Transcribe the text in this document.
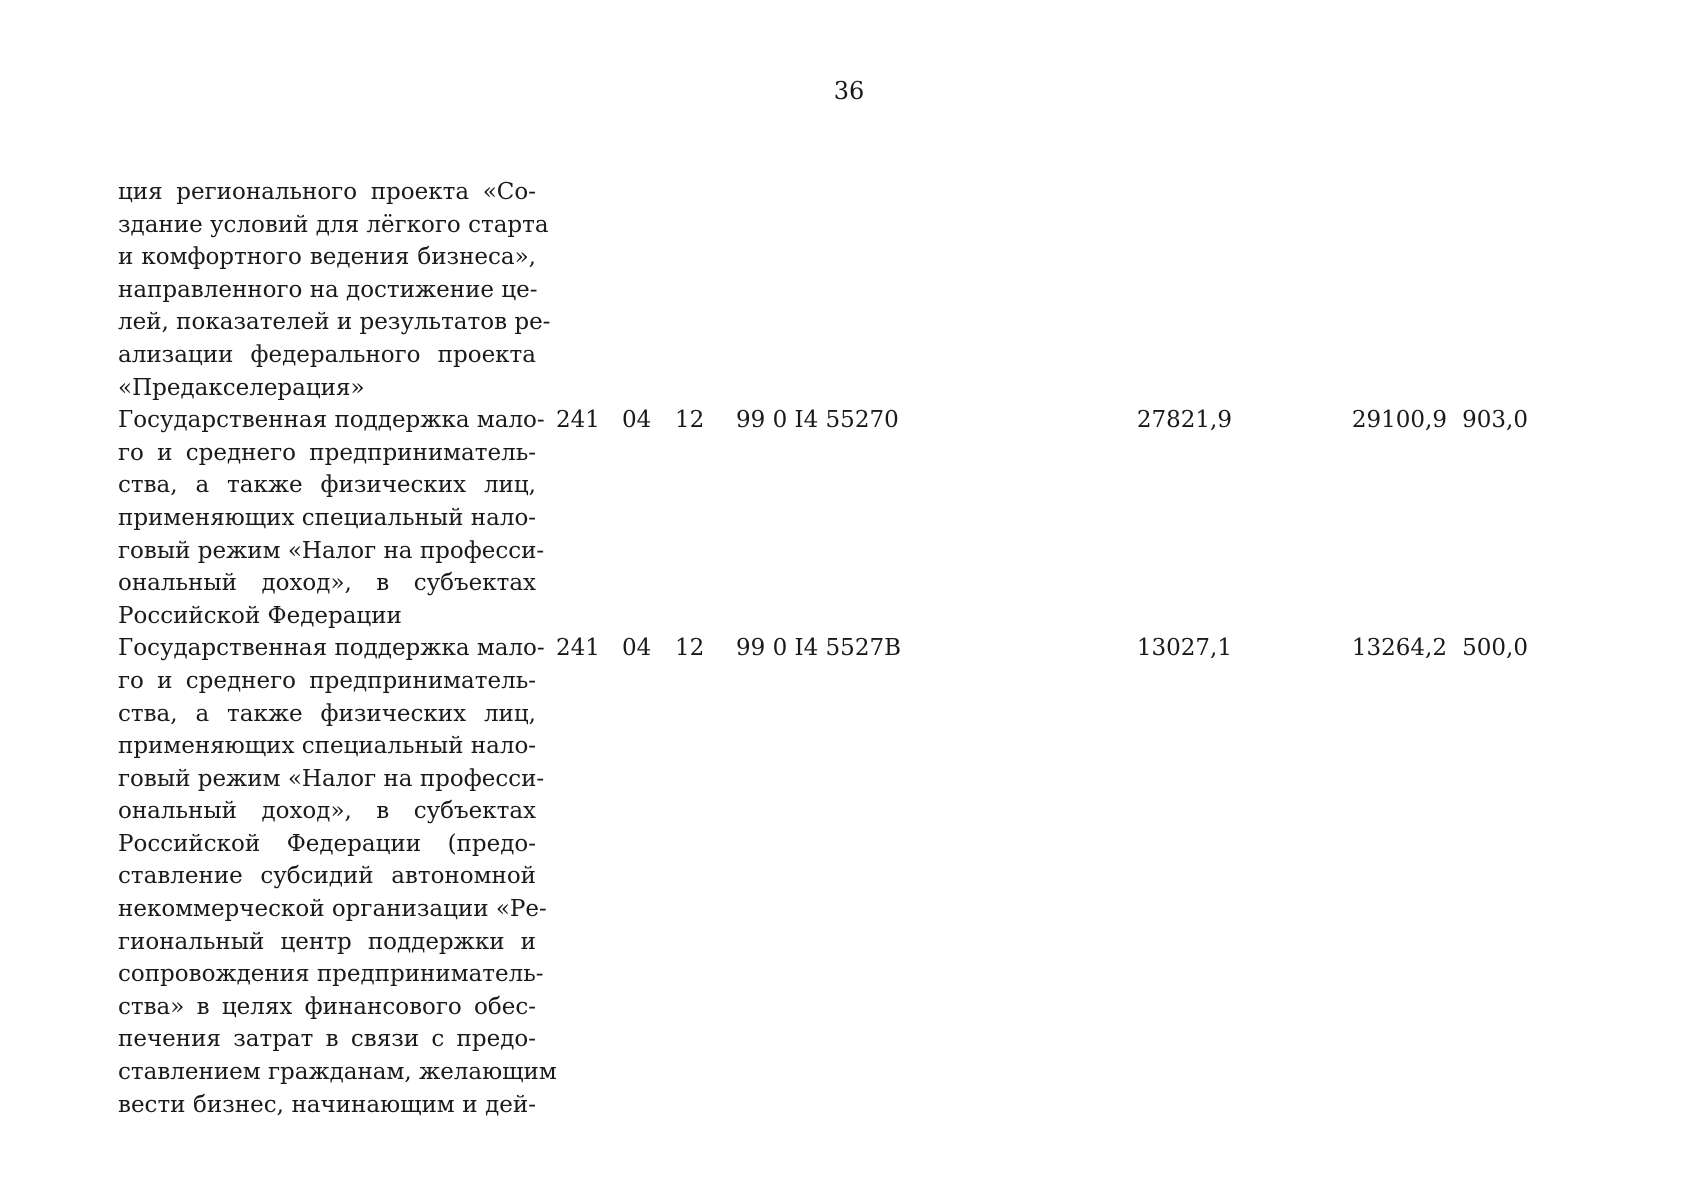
36
ция регионального проекта «Со-
здание условий для лёгкого старта
и комфортного ведения бизнеса»,
направленного на достижение це-
лей, показателей и результатов ре-
ализации федерального проекта
«Предакселерация»
Государственная поддержка мало-
го и среднего предприниматель-
ства, а также физических лиц,
применяющих специальный нало-
говый режим «Налог на професси-
ональный доход», в субъектах
Российской Федерации
241 04 12 99 0 I4 55270	27821,9	29100,9 903,0
Государственная поддержка мало-
го и среднего предприниматель-
ства, а также физических лиц,
применяющих специальный нало-
говый режим «Налог на професси-
ональный доход», в субъектах
Российской Федерации (предо-
ставление субсидий автономной
некоммерческой организации «Ре-
гиональный центр поддержки и
сопровождения предприниматель-
ства» в целях финансового обес-
печения затрат в связи с предо-
ставлением гражданам, желающим
вести бизнес, начинающим и дей-
241 04 12 99 0 I4 5527B	13027,1	13264,2 500,0
